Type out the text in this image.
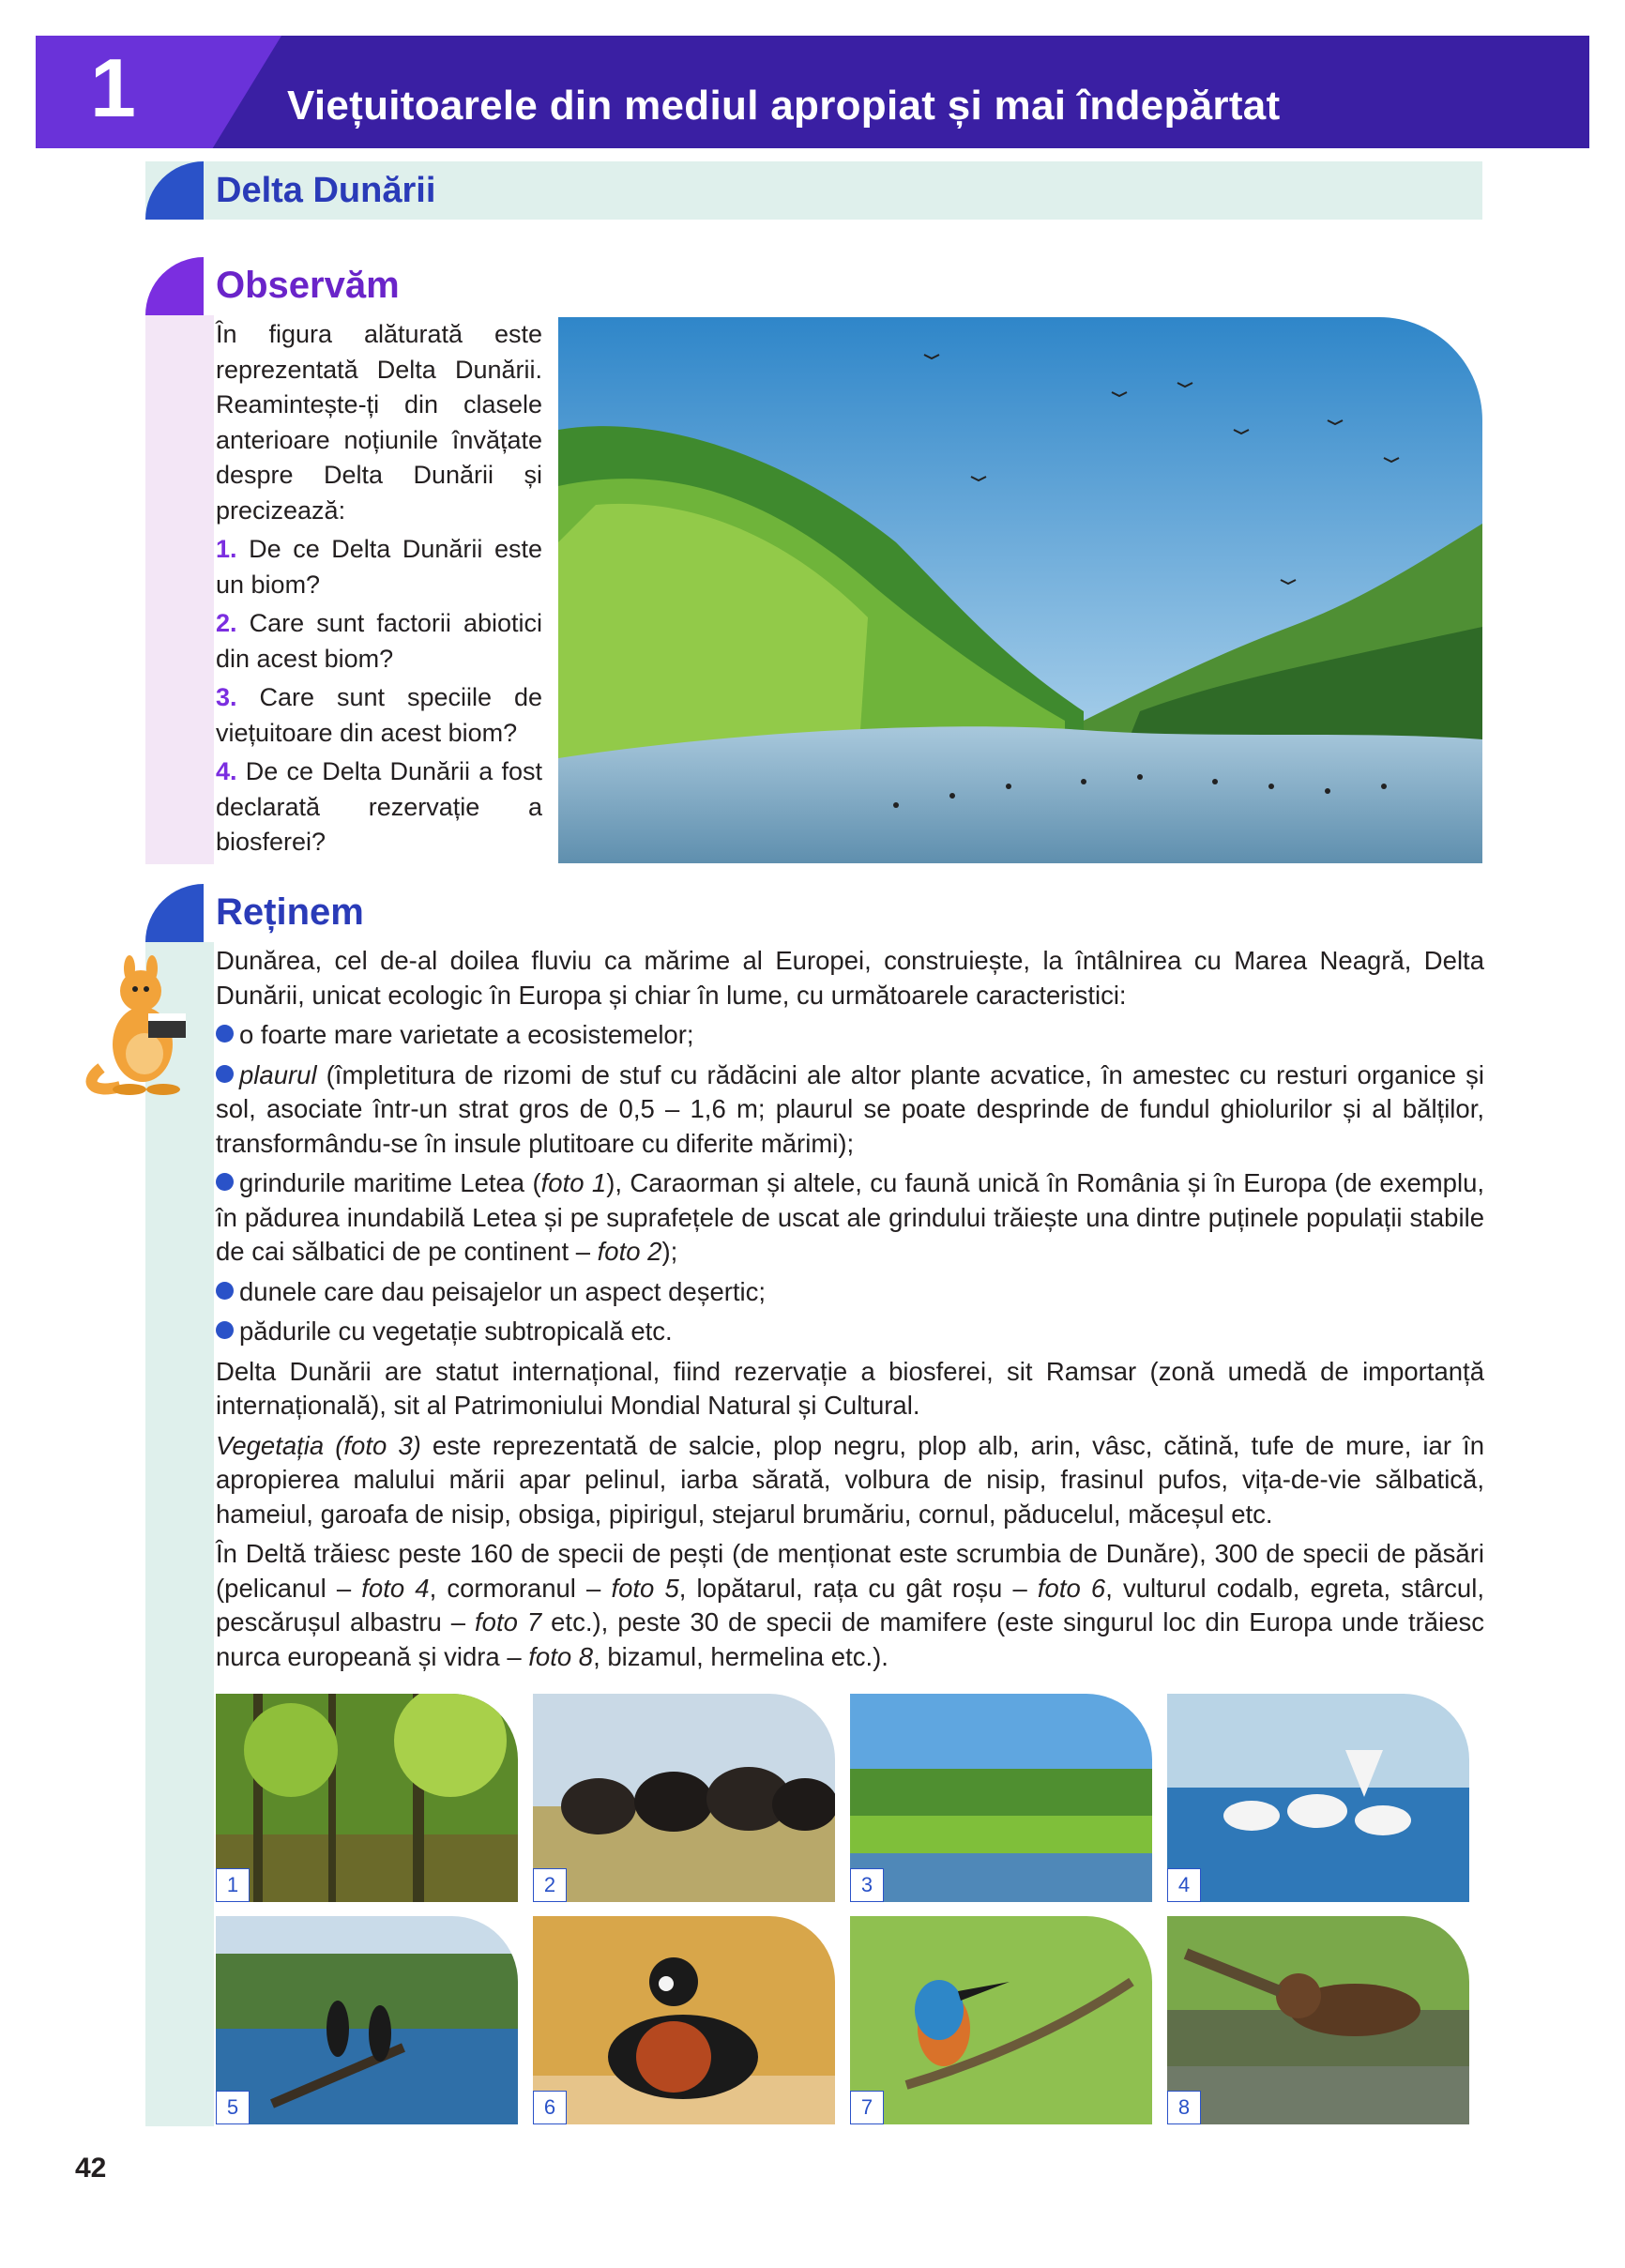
1	Viețuitoarele din mediul apropiat și mai îndepărtat
Delta Dunării
Observăm

În figura alăturată este reprezentată Delta Dunării. Reamintește-ți din clasele anterioare noțiunile învățate despre Delta Dunării și precizează:

1. De ce Delta Dunării este un biom?

2. Care sunt factorii abiotici din acest biom?

3. Care sunt speciile de viețuitoare din acest biom?

4. De ce Delta Dunării a fost declarată rezervație a biosferei?

Reținem

Dunărea, cel de-al doilea fluviu ca mărime al Europei, construiește, la întâlnirea cu Marea Neagră, Delta Dunării, unicat ecologic în Europa și chiar în lume, cu următoarele caracteristici:

o foarte mare varietate a ecosistemelor;

plaurul (împletitura de rizomi de stuf cu rădăcini ale altor plante acvatice, în amestec cu resturi organice și sol, asociate într-un strat gros de 0,5 – 1,6 m; plaurul se poate desprinde de fundul ghiolurilor și al bălților, transformându-se în insule plutitoare cu diferite mărimi);

grindurile maritime Letea (foto 1), Caraorman și altele, cu faună unică în România și în Europa (de exemplu, în pădurea inundabilă Letea și pe suprafețele de uscat ale grindului trăiește una dintre puținele populații stabile de cai sălbatici de pe continent – foto 2);

dunele care dau peisajelor un aspect deșertic;

pădurile cu vegetație subtropicală etc.

Delta Dunării are statut internațional, fiind rezervație a biosferei, sit Ramsar (zonă umedă de importanță internațională), sit al Patrimoniului Mondial Natural și Cultural.

Vegetația (foto 3) este reprezentată de salcie, plop negru, plop alb, arin, vâsc, cătină, tufe de mure, iar în apropierea malului mării apar pelinul, iarba sărată, volbura de nisip, frasinul pufos, vița-de-vie sălbatică, hameiul, garoafa de nisip, obsiga, pipirigul, stejarul brumăriu, cornul, păducelul, măceșul etc.

În Deltă trăiesc peste 160 de specii de pești (de menționat este scrumbia de Dunăre), 300 de specii de păsări (pelicanul – foto 4, cormoranul – foto 5, lopătarul, rața cu gât roșu – foto 6, vulturul codalb, egreta, stârcul, pescărușul albastru – foto 7 etc.), peste 30 de specii de mamifere (este singurul loc din Europa unde trăiesc nurca europeană și vidra – foto 8, bizamul, hermelina etc.).

1	2	3	4
5	6	7	8
42
